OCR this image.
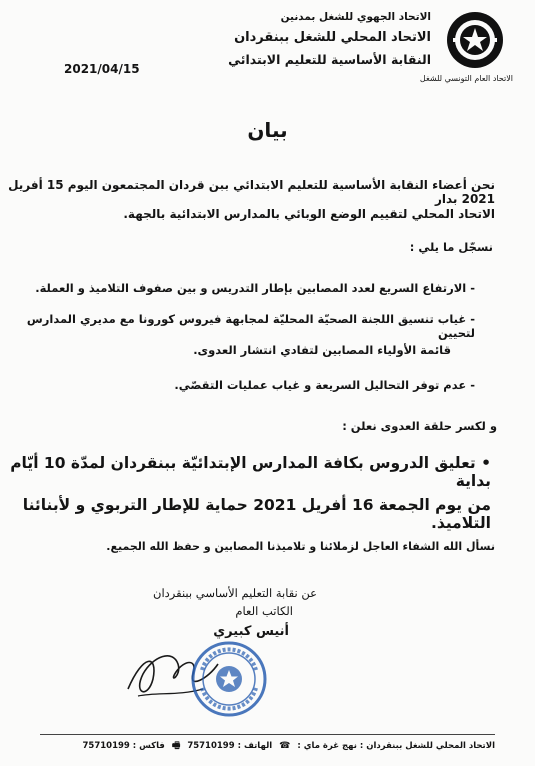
الاتحاد الجهوي للشغل بمدنين
الاتحاد المحلي للشغل ببنقردان
النقابة الأساسية للتعليم الابتدائي
الاتحاد العام التونسي للشغل
2021/04/15
بيان
نحن أعضاء النقابة الأساسية للتعليم الابتدائي ببن قردان المجتمعون اليوم 15 أفريل 2021 بدار
الاتحاد المحلي لتقييم الوضع الوبائي بالمدارس الابتدائية بالجهة.
نسجّل ما يلي :
- الارتفاع السريع لعدد المصابين بإطار التدريس و بين صفوف التلاميذ و العملة.
- غياب تنسيق اللجنة الصحيّة المحليّة لمجابهة فيروس كورونا مع مديري المدارس لتحيين
قائمة الأولياء المصابين لتفادي انتشار العدوى.
- عدم توفر التحاليل السريعة و غياب عمليات التقصّي.
و لكسر حلقة العدوى نعلن :
• تعليق الدروس بكافة المدارس الإبتدائيّة ببنقردان لمدّة 10 أيّام بداية
من يوم الجمعة 16 أفريل 2021 حماية للإطار التربوي و لأبنائنا التلاميذ.
نسأل الله الشفاء العاجل لزملائنا و تلاميذنا المصابين و حفظ الله الجميع.
عن نقابة التعليم الأساسي ببنقردان
الكاتب العام
أنيس كبيري
الاتحاد المحلي للشغل ببنقردان : نهج غرة ماي : ☎ الهاتف : 75710199 🖷 فاكس : 75710199
